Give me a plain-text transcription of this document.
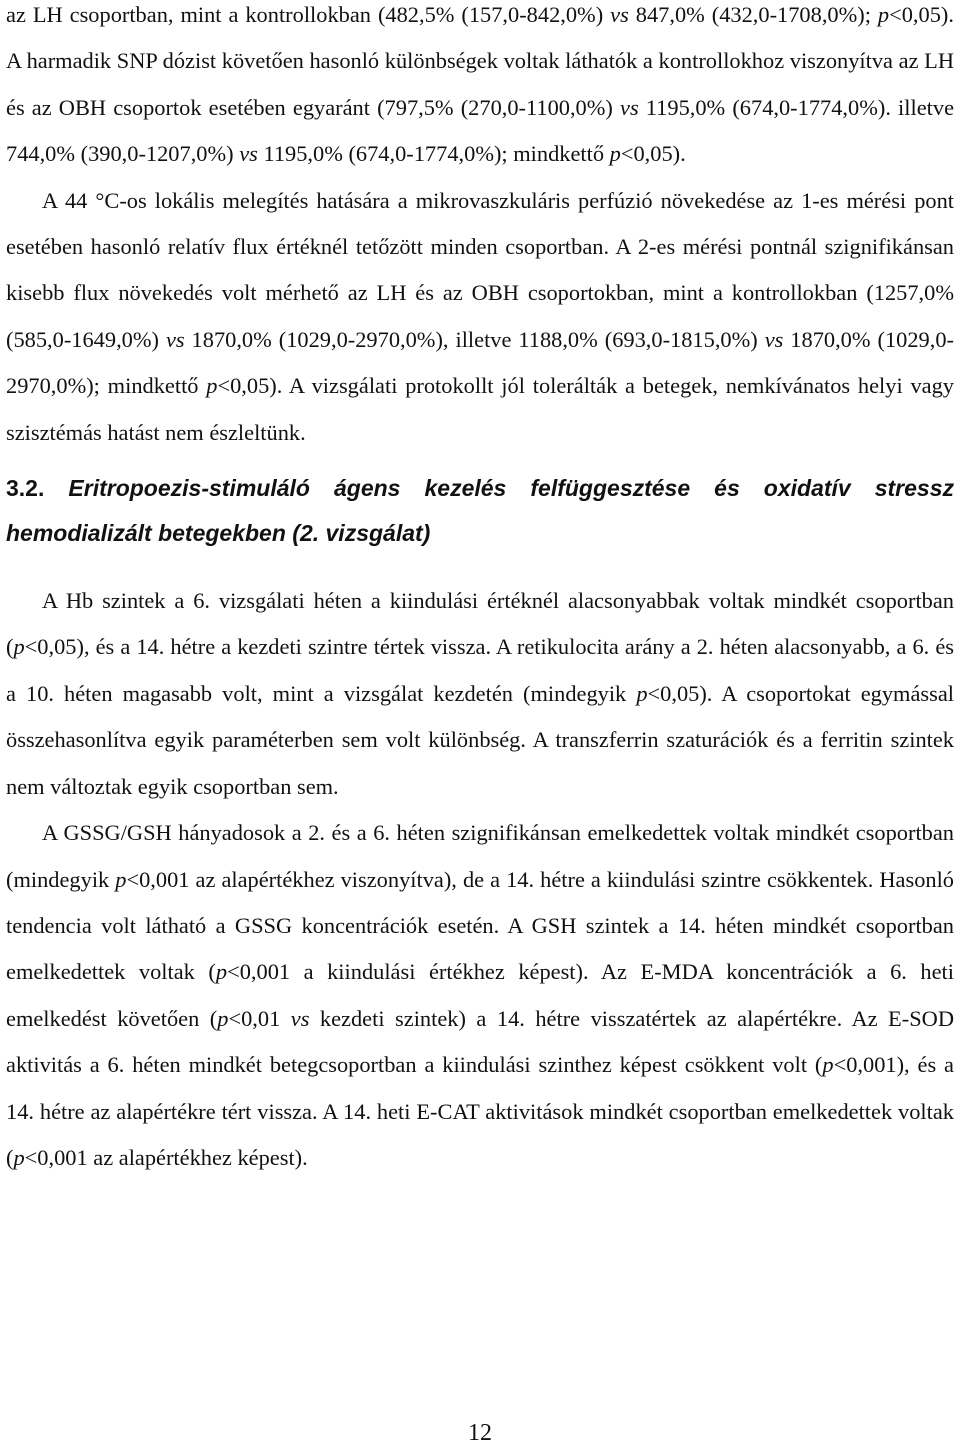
az LH csoportban, mint a kontrollokban (482,5% (157,0-842,0%) vs 847,0% (432,0-1708,0%); p<0,05). A harmadik SNP dózist követően hasonló különbségek voltak láthatók a kontrollokhoz viszonyítva az LH és az OBH csoportok esetében egyaránt (797,5% (270,0-1100,0%) vs 1195,0% (674,0-1774,0%). illetve 744,0% (390,0-1207,0%) vs 1195,0% (674,0-1774,0%); mindkettő p<0,05).

A 44 °C-os lokális melegítés hatására a mikrovaszkuláris perfúzió növekedése az 1-es mérési pont esetében hasonló relatív flux értéknél tetőzött minden csoportban. A 2-es mérési pontnál szignifikánsan kisebb flux növekedés volt mérhető az LH és az OBH csoportokban, mint a kontrollokban (1257,0% (585,0-1649,0%) vs 1870,0% (1029,0-2970,0%), illetve 1188,0% (693,0-1815,0%) vs 1870,0% (1029,0-2970,0%); mindkettő p<0,05). A vizsgálati protokollt jól tolerálták a betegek, nemkívánatos helyi vagy szisztémás hatást nem észleltünk.

3.2. Eritropoezis-stimuláló ágens kezelés felfüggesztése és oxidatív stressz hemodializált betegekben (2. vizsgálat)

A Hb szintek a 6. vizsgálati héten a kiindulási értéknél alacsonyabbak voltak mindkét csoportban (p<0,05), és a 14. hétre a kezdeti szintre tértek vissza. A retikulocita arány a 2. héten alacsonyabb, a 6. és a 10. héten magasabb volt, mint a vizsgálat kezdetén (mindegyik p<0,05). A csoportokat egymással összehasonlítva egyik paraméterben sem volt különbség. A transzferrin szaturációk és a ferritin szintek nem változtak egyik csoportban sem.

A GSSG/GSH hányadosok a 2. és a 6. héten szignifikánsan emelkedettek voltak mindkét csoportban (mindegyik p<0,001 az alapértékhez viszonyítva), de a 14. hétre a kiindulási szintre csökkentek. Hasonló tendencia volt látható a GSSG koncentrációk esetén. A GSH szintek a 14. héten mindkét csoportban emelkedettek voltak (p<0,001 a kiindulási értékhez képest). Az E-MDA koncentrációk a 6. heti emelkedést követően (p<0,01 vs kezdeti szintek) a 14. hétre visszatértek az alapértékre. Az E-SOD aktivitás a 6. héten mindkét betegcsoportban a kiindulási szinthez képest csökkent volt (p<0,001), és a 14. hétre az alapértékre tért vissza. A 14. heti E-CAT aktivitások mindkét csoportban emelkedettek voltak (p<0,001 az alapértékhez képest).

12
